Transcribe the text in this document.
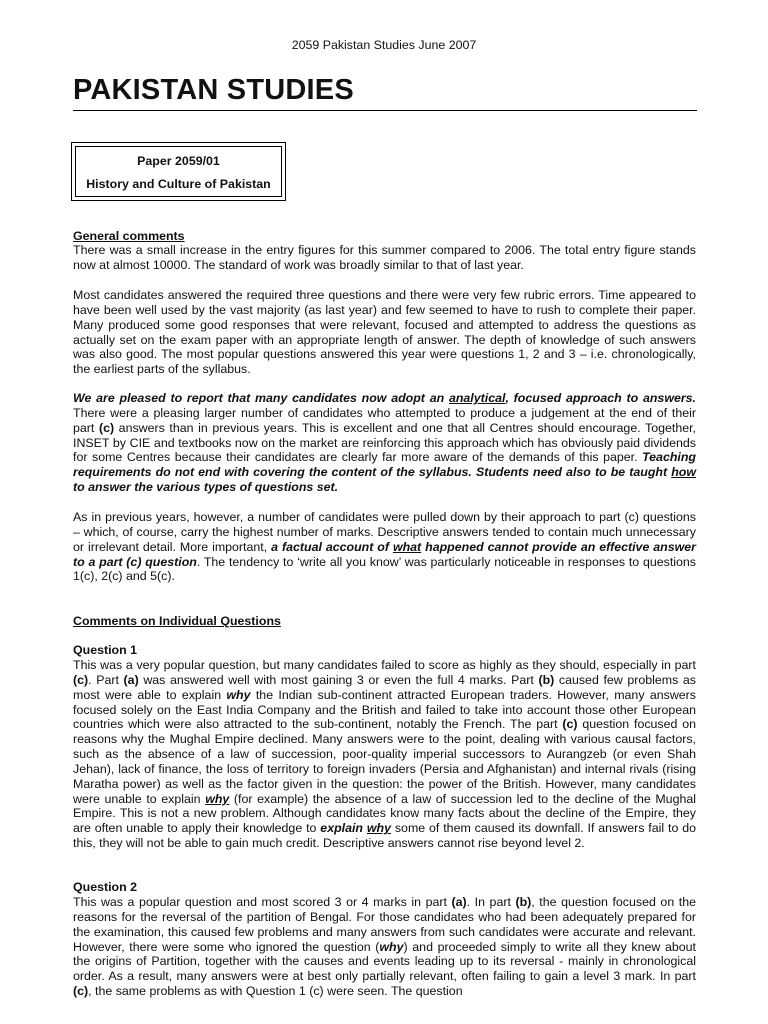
2059 Pakistan Studies June 2007
PAKISTAN STUDIES
Paper 2059/01
History and Culture of Pakistan
General comments
There was a small increase in the entry figures for this summer compared to 2006. The total entry figure stands now at almost 10000. The standard of work was broadly similar to that of last year.
Most candidates answered the required three questions and there were very few rubric errors. Time appeared to have been well used by the vast majority (as last year) and few seemed to have to rush to complete their paper. Many produced some good responses that were relevant, focused and attempted to address the questions as actually set on the exam paper with an appropriate length of answer. The depth of knowledge of such answers was also good. The most popular questions answered this year were questions 1, 2 and 3 – i.e. chronologically, the earliest parts of the syllabus.
We are pleased to report that many candidates now adopt an analytical, focused approach to answers. There were a pleasing larger number of candidates who attempted to produce a judgement at the end of their part (c) answers than in previous years. This is excellent and one that all Centres should encourage. Together, INSET by CIE and textbooks now on the market are reinforcing this approach which has obviously paid dividends for some Centres because their candidates are clearly far more aware of the demands of this paper. Teaching requirements do not end with covering the content of the syllabus. Students need also to be taught how to answer the various types of questions set.
As in previous years, however, a number of candidates were pulled down by their approach to part (c) questions – which, of course, carry the highest number of marks. Descriptive answers tended to contain much unnecessary or irrelevant detail. More important, a factual account of what happened cannot provide an effective answer to a part (c) question. The tendency to ‘write all you know’ was particularly noticeable in responses to questions 1(c), 2(c) and 5(c).
Comments on Individual Questions
Question 1
This was a very popular question, but many candidates failed to score as highly as they should, especially in part (c). Part (a) was answered well with most gaining 3 or even the full 4 marks. Part (b) caused few problems as most were able to explain why the Indian sub-continent attracted European traders. However, many answers focused solely on the East India Company and the British and failed to take into account those other European countries which were also attracted to the sub-continent, notably the French. The part (c) question focused on reasons why the Mughal Empire declined. Many answers were to the point, dealing with various causal factors, such as the absence of a law of succession, poor-quality imperial successors to Aurangzeb (or even Shah Jehan), lack of finance, the loss of territory to foreign invaders (Persia and Afghanistan) and internal rivals (rising Maratha power) as well as the factor given in the question: the power of the British. However, many candidates were unable to explain why (for example) the absence of a law of succession led to the decline of the Mughal Empire. This is not a new problem. Although candidates know many facts about the decline of the Empire, they are often unable to apply their knowledge to explain why some of them caused its downfall. If answers fail to do this, they will not be able to gain much credit. Descriptive answers cannot rise beyond level 2.
Question 2
This was a popular question and most scored 3 or 4 marks in part (a). In part (b), the question focused on the reasons for the reversal of the partition of Bengal. For those candidates who had been adequately prepared for the examination, this caused few problems and many answers from such candidates were accurate and relevant. However, there were some who ignored the question (why) and proceeded simply to write all they knew about the origins of Partition, together with the causes and events leading up to its reversal - mainly in chronological order. As a result, many answers were at best only partially relevant, often failing to gain a level 3 mark. In part (c), the same problems as with Question 1 (c) were seen. The question
